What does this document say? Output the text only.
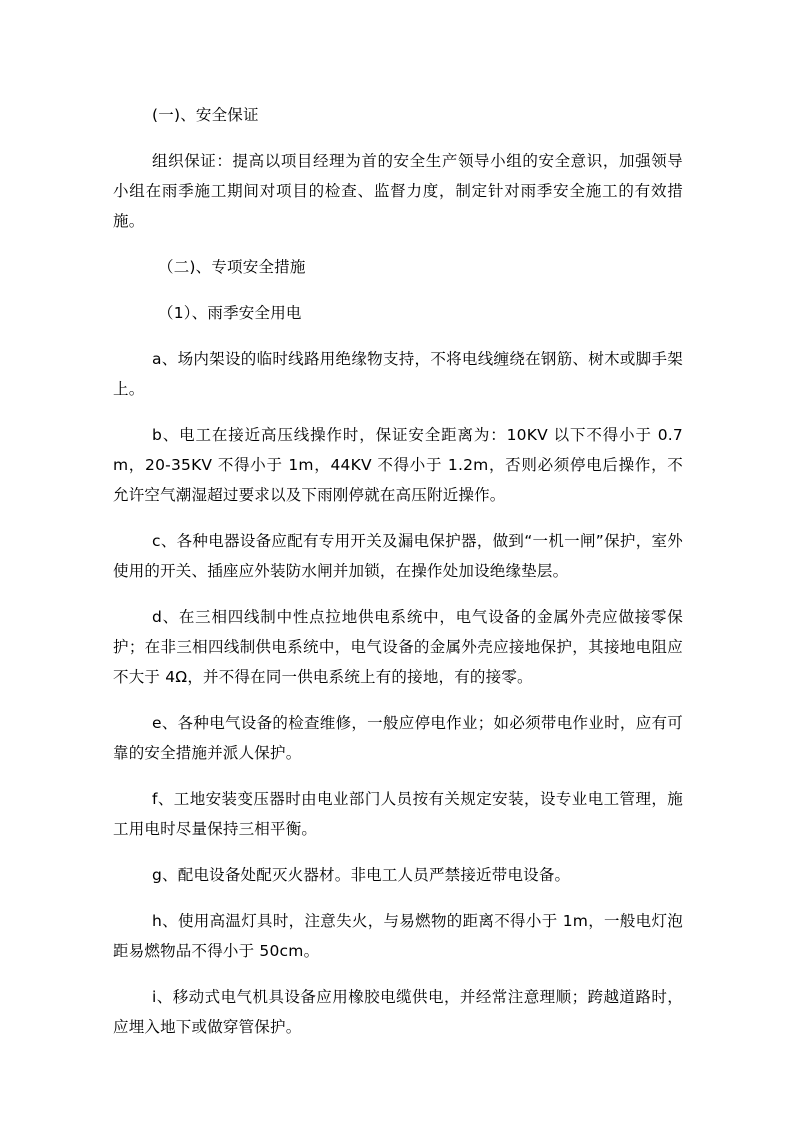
(一)、安全保证

组织保证：提高以项目经理为首的安全生产领导小组的安全意识，加强领导小组在雨季施工期间对项目的检查、监督力度，制定针对雨季安全施工的有效措施。

（二)、专项安全措施

（1）、雨季安全用电

a、场内架设的临时线路用绝缘物支持，不将电线缠绕在钢筋、树木或脚手架上。

b、电工在接近高压线操作时，保证安全距离为：10KV 以下不得小于 0.7m，20-35KV 不得小于 1m，44KV 不得小于 1.2m，否则必须停电后操作，不允许空气潮湿超过要求以及下雨刚停就在高压附近操作。

c、各种电器设备应配有专用开关及漏电保护器，做到“一机一闸”保护，室外使用的开关、插座应外装防水闸并加锁，在操作处加设绝缘垫层。

d、在三相四线制中性点拉地供电系统中，电气设备的金属外壳应做接零保护；在非三相四线制供电系统中，电气设备的金属外壳应接地保护，其接地电阻应不大于 4Ω，并不得在同一供电系统上有的接地，有的接零。

e、各种电气设备的检查维修，一般应停电作业；如必须带电作业时，应有可靠的安全措施并派人保护。

f、工地安装变压器时由电业部门人员按有关规定安装，设专业电工管理，施工用电时尽量保持三相平衡。

g、配电设备处配灭火器材。非电工人员严禁接近带电设备。

h、使用高温灯具时，注意失火，与易燃物的距离不得小于 1m，一般电灯泡距易燃物品不得小于 50cm。

i、移动式电气机具设备应用橡胶电缆供电，并经常注意理顺；跨越道路时，应埋入地下或做穿管保护。
